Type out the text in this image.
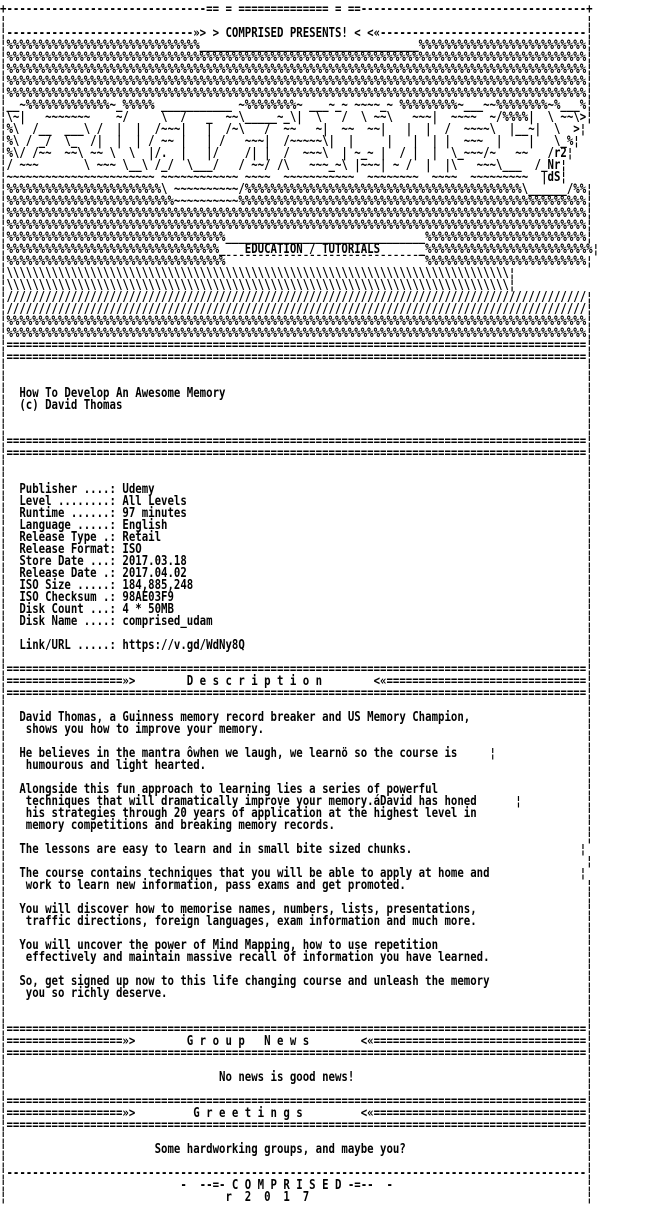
+-------------------------------== = ============== = ==-----------------------------------+
¦                                                                                          ¦
¦-----------------------------»> > COMPRISED PRESENTS! < <«--------------------------------¦
¦%%%%%%%%%%%%%%%%%%%%%%%%%%%%%%__________________________________%%%%%%%%%%%%%%%%%%%%%%%%%%¦
¦%%%%%%%%%%%%%%%%%%%%%%%%%%%%%%%%%%%%%%%%%%%%%%%%%%%%%%%%%%%%%%%%%%%%%%%%%%%%%%%%%%%%%%%%%%¦
¦%%%%%%%%%%%%%%%%%%%%%%%%%%%%%%%%%%%%%%%%%%%%%%%%%%%%%%%%%%%%%%%%%%%%%%%%%%%%%%%%%%%%%%%%%%¦
¦%%%%%%%%%%%%%%%%%%%%%%%%%%%%%%%%%%%%%%%%%%%%%%%%%%%%%%%%%%%%%%%%%%%%%%%%%%%%%%%%%%%%%%%%%%¦
¦%%%%%%%%%%%%%%%%%%%%%%%%%%%%%%%%%%%%%%%%%%%%%%%%%%%%%%%%%%%%%%%%%%%%%%%%%%%%%%%%%%%%%%%%%%¦
¦__~%%%%%%%%%%%%%~_%%%%% ___________ ~%%%%%%%%~ ___~_~ ~~~~_~ %%%%%%%%%~___~~%%%%%%%%~%___%¦
¦\~|   ~~~~~~~    ~/     \  /   _  ~~\_____~_\|  \   /  \ ~~\   ~~~|  ~~~~  ~/%%%%|  \ ~~\>¦
¦%\  /__  ___\ /  |  |  /~~~|   |  /~\   /  ~~   ~|  ~~  ~~|   |  |  /  ~~~~\  |__~|  \  >¦
¦%\ / _/  \_  /|  |  | / ~~ |   | /   ~~~|  /~~~~~\|  |     |   |  | |  ~~~  |    |   \_%¦
¦%\/ /~~  ~~\ ~~ \  \  |/.  |   |/    /| |  /  ~~~\  | ~_~ |  / |  |  \_~~~/~   ~~   /r2¦
¦/ ~~~       \ ~~~ \__\ /_/  \___/   / ~~/ /\   ~~~_~\ |~~~| ~ /  |  |\   ~~~\___  /_Nr¦
¦~~~~~~~~~~~~~~~~~~~~~~~ ~~~~~~~~~~~~ ~~~~  ~~~~~~~~~~~  ~~~~~~~~  ~~~~  ~~~~~~~~~  |dS¦
¦%%%%%%%%%%%%%%%%%%%%%%%%\ ~~~~~~~~~~/%%%%%%%%%%%%%%%%%%%%%%%%%%%%%%%%%%%%%%%%%%%\______/%%¦
¦%%%%%%%%%%%%%%%%%%%%%%%%%%~~~~~~~~~~%%%%%%%%%%%%%%%%%%%%%%%%%%%%%%%%%%%%%%%%%%%%%%%%%%%%%%¦
¦%%%%%%%%%%%%%%%%%%%%%%%%%%%%%%%%%%%%%%%%%%%%%%%%%%%%%%%%%%%%%%%%%%%%%%%%%%%%%%%%%%%%%%%%%%¦
¦%%%%%%%%%%%%%%%%%%%%%%%%%%%%%%%%%%%%%%%%%%%%%%%%%%%%%%%%%%%%%%%%%%%%%%%%%%%%%%%%%%%%%%%%%%¦
¦%%%%%%%%%%%%%%%%%%%%%%%%%%%%%%%%%%_______________________________%%%%%%%%%%%%%%%%%%%%%%%%%¦
¦%%%%%%%%%%%%%%%%%%%%%%%%%%%%%%%%%_   EDUCATION / TUTORIALS      _%%%%%%%%%%%%%%%%%%%%%%%%%%¦
¦%%%%%%%%%%%%%%%%%%%%%%%%%%%%%%%%%%¯¯¯¯¯¯¯¯¯¯¯¯¯¯¯¯¯¯¯¯¯¯¯¯¯¯¯¯¯¯¯%%%%%%%%%%%%%%%%%%%%%%%%%¦
¦\\\\\\\\\\\\\\\\\\\\\\\\\\\\\\\\\\\\\\\\\\\\\\\\\\\\\\\\\\\\\\\\\\\\\\\\\\\\\\¦
¦\\\\\\\\\\\\\\\\\\\\\\\\\\\\\\\\\\\\\\\\\\\\\\\\\\\\\\\\\\\\\\\\\\\\\\\\\\\\\\¦
¦//////////////////////////////////////////////////////////////////////////////////////////¦
¦//////////////////////////////////////////////////////////////////////////////////////////¦
¦%%%%%%%%%%%%%%%%%%%%%%%%%%%%%%%%%%%%%%%%%%%%%%%%%%%%%%%%%%%%%%%%%%%%%%%%%%%%%%%%%%%%%%%%%%¦
¦%%%%%%%%%%%%%%%%%%%%%%%%%%%%%%%%%%%%%%%%%%%%%%%%%%%%%%%%%%%%%%%%%%%%%%%%%%%%%%%%%%%%%%%%%%¦
¦==========================================================================================¦
¦==========================================================================================¦
¦                                                                                          ¦
¦                                                                                          ¦
¦  How To Develop An Awesome Memory                                                        ¦
¦  (c) David Thomas                                                                        ¦
¦                                                                                          ¦
¦                                                                                          ¦
¦==========================================================================================¦
¦==========================================================================================¦
¦                                                                                          ¦
¦                                                                                          ¦
¦  Publisher ....: Udemy                                                                   ¦
¦  Level ........: All Levels                                                              ¦
¦  Runtime ......: 97 minutes                                                              ¦
¦  Language .....: English                                                                 ¦
¦  Release Type .: Retail                                                                  ¦
¦  Release Format: ISO                                                                     ¦
¦  Store Date ...: 2017.03.18                                                              ¦
¦  Release Date .: 2017.04.02                                                              ¦
¦  ISO Size .....: 184,885,248                                                             ¦
¦  ISO Checksum .: 98AE03F9                                                                ¦
¦  Disk Count ...: 4 * 50MB                                                                ¦
¦  Disk Name ....: comprised_udam                                                          ¦
¦                                                                                          ¦
¦  Link/URL .....: https://v.gd/WdNy8Q                                                     ¦
¦                                                                                          ¦
¦==========================================================================================¦
¦==================»>        D e s c r i p t i o n        <«===============================¦
¦==========================================================================================¦
¦                                                                                          ¦
¦  David Thomas, a Guinness memory record breaker and US Memory Champion,                  ¦
¦   shows you how to improve your memory.                                                  ¦
¦                                                                                          ¦
¦  He believes in the mantra ôwhen we laugh, we learnö so the course is     ¦              ¦
¦   humourous and light hearted.                                                           ¦
¦                                                                                          ¦
¦  Alongside this fun approach to learning lies a series of powerful                       ¦
¦   techniques that will dramatically improve your memory.áDavid has honed      ¦          ¦
¦   his strategies through 20 years of application at the highest level in                 ¦
¦   memory competitions and breaking memory records.                                       ¦
¦                                                                                          ¦
¦  The lessons are easy to learn and in small bite sized chunks.                          ¦
¦                                                                                          ¦
¦  The course contains techniques that you will be able to apply at home and              ¦
¦   work to learn new information, pass exams and get promoted.                            ¦
¦                                                                                          ¦
¦  You will discover how to memorise names, numbers, lists, presentations,                 ¦
¦   traffic directions, foreign languages, exam information and much more.                 ¦
¦                                                                                          ¦
¦  You will uncover the power of Mind Mapping, how to use repetition                       ¦
¦   effectively and maintain massive recall of information you have learned.               ¦
¦                                                                                          ¦
¦  So, get signed up now to this life changing course and unleash the memory               ¦
¦   you so richly deserve.                                                                 ¦
¦                                                                                          ¦
¦                                                                                          ¦
¦==========================================================================================¦
¦==================»>        G r o u p   N e w s        <«=================================¦
¦==========================================================================================¦
¦                                                                                          ¦
¦                                 No news is good news!                                    ¦
¦                                                                                          ¦
¦==========================================================================================¦
¦==================»>         G r e e t i n g s         <«=================================¦
¦==========================================================================================¦
¦                                                                                          ¦
¦                       Some hardworking groups, and maybe you?                            ¦
¦                                                                                          ¦
¦------------------------------------------------------------------------------------------¦
¦                           -  --=- C O M P R I S E D -=--  -                              ¦
¦                                  r  2  0  1  7                                           ¦
